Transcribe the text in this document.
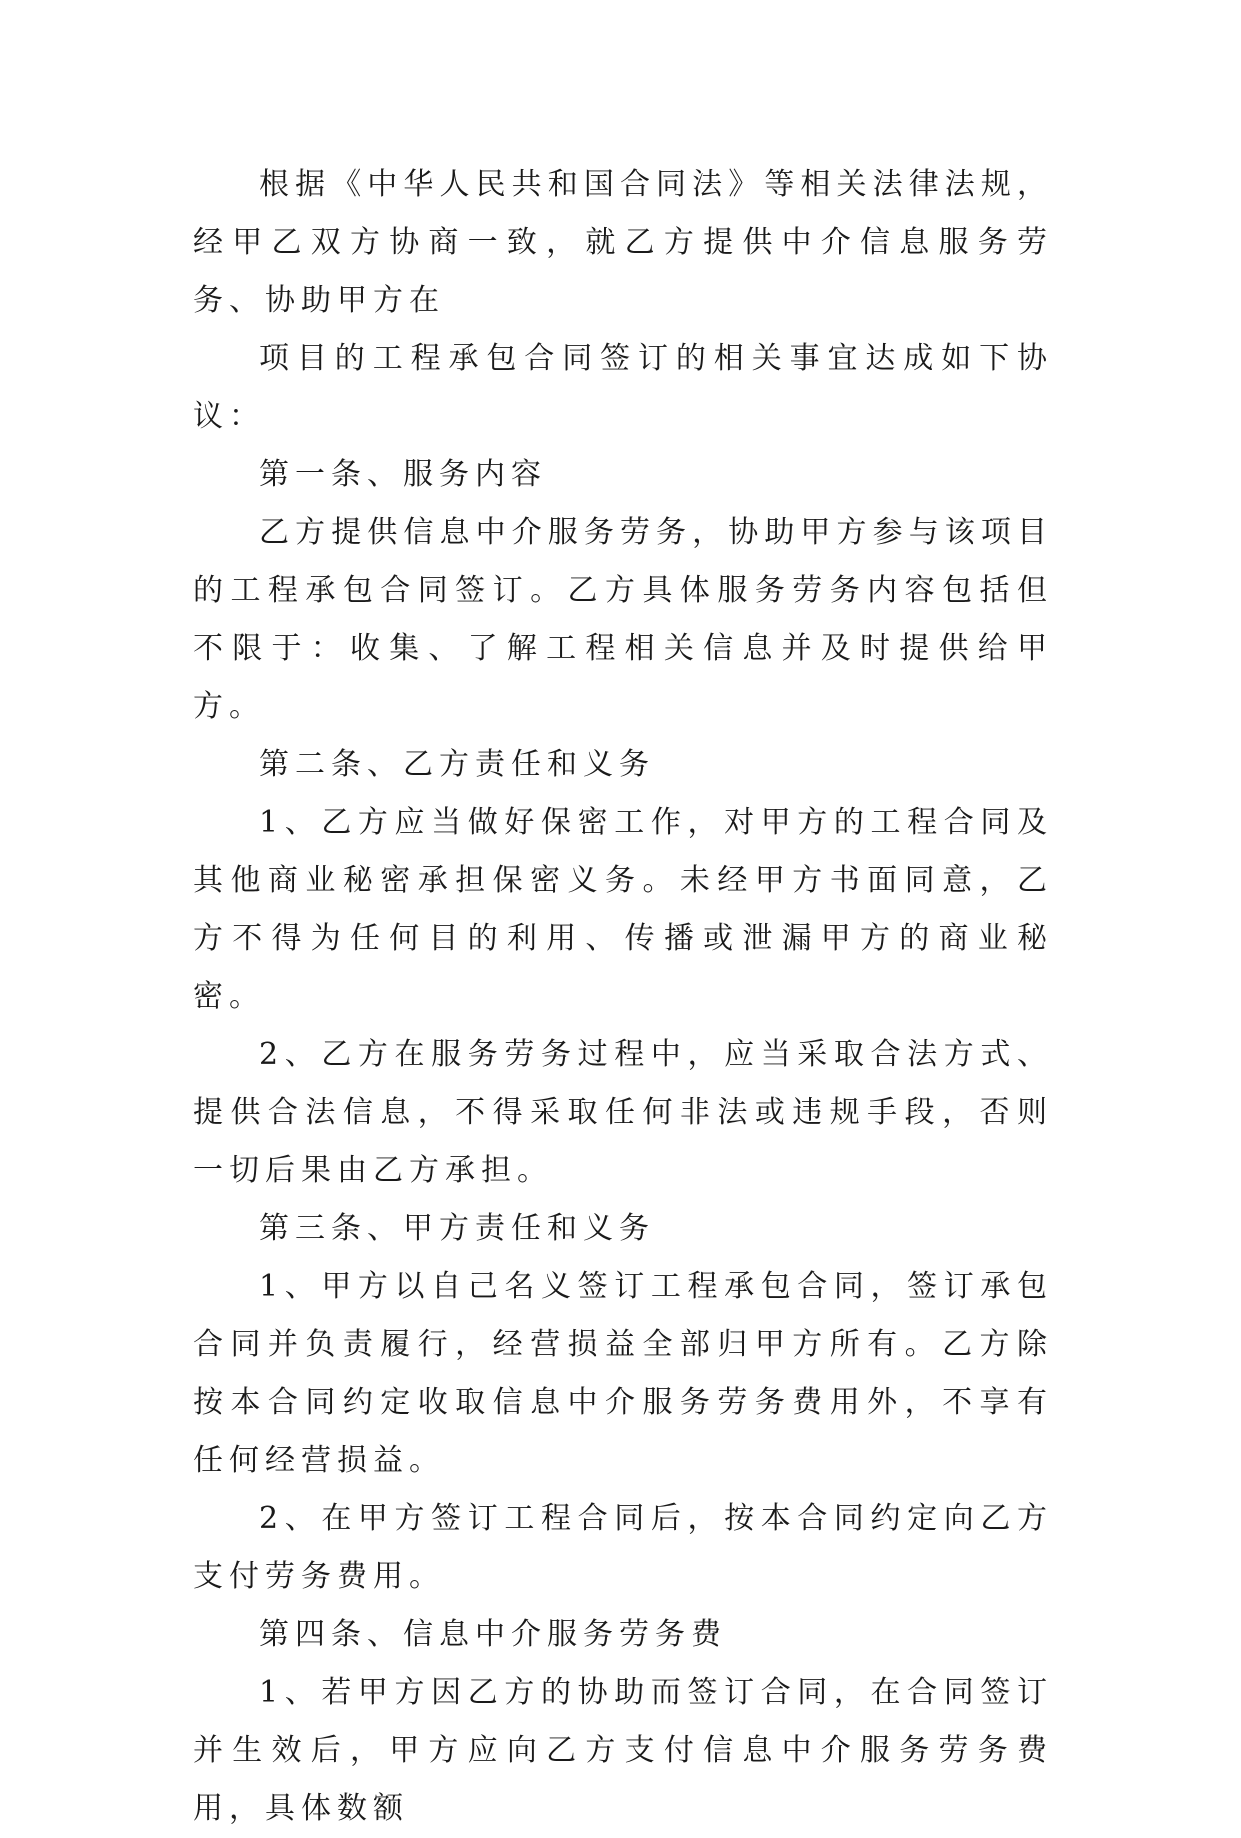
根据《中华人民共和国合同法》等相关法律法规，经甲乙双方协商一致，就乙方提供中介信息服务劳务、协助甲方在

项目的工程承包合同签订的相关事宜达成如下协议：

第一条、服务内容

乙方提供信息中介服务劳务，协助甲方参与该项目的工程承包合同签订。乙方具体服务劳务内容包括但不限于：收集、了解工程相关信息并及时提供给甲方。

第二条、乙方责任和义务

1、乙方应当做好保密工作，对甲方的工程合同及其他商业秘密承担保密义务。未经甲方书面同意，乙方不得为任何目的利用、传播或泄漏甲方的商业秘密。

2、乙方在服务劳务过程中，应当采取合法方式、提供合法信息，不得采取任何非法或违规手段，否则一切后果由乙方承担。

第三条、甲方责任和义务

1、甲方以自己名义签订工程承包合同，签订承包合同并负责履行，经营损益全部归甲方所有。乙方除按本合同约定收取信息中介服务劳务费用外，不享有任何经营损益。

2、在甲方签订工程合同后，按本合同约定向乙方支付劳务费用。

第四条、信息中介服务劳务费

1、若甲方因乙方的协助而签订合同，在合同签订并生效后，甲方应向乙方支付信息中介服务劳务费用，具体数额
